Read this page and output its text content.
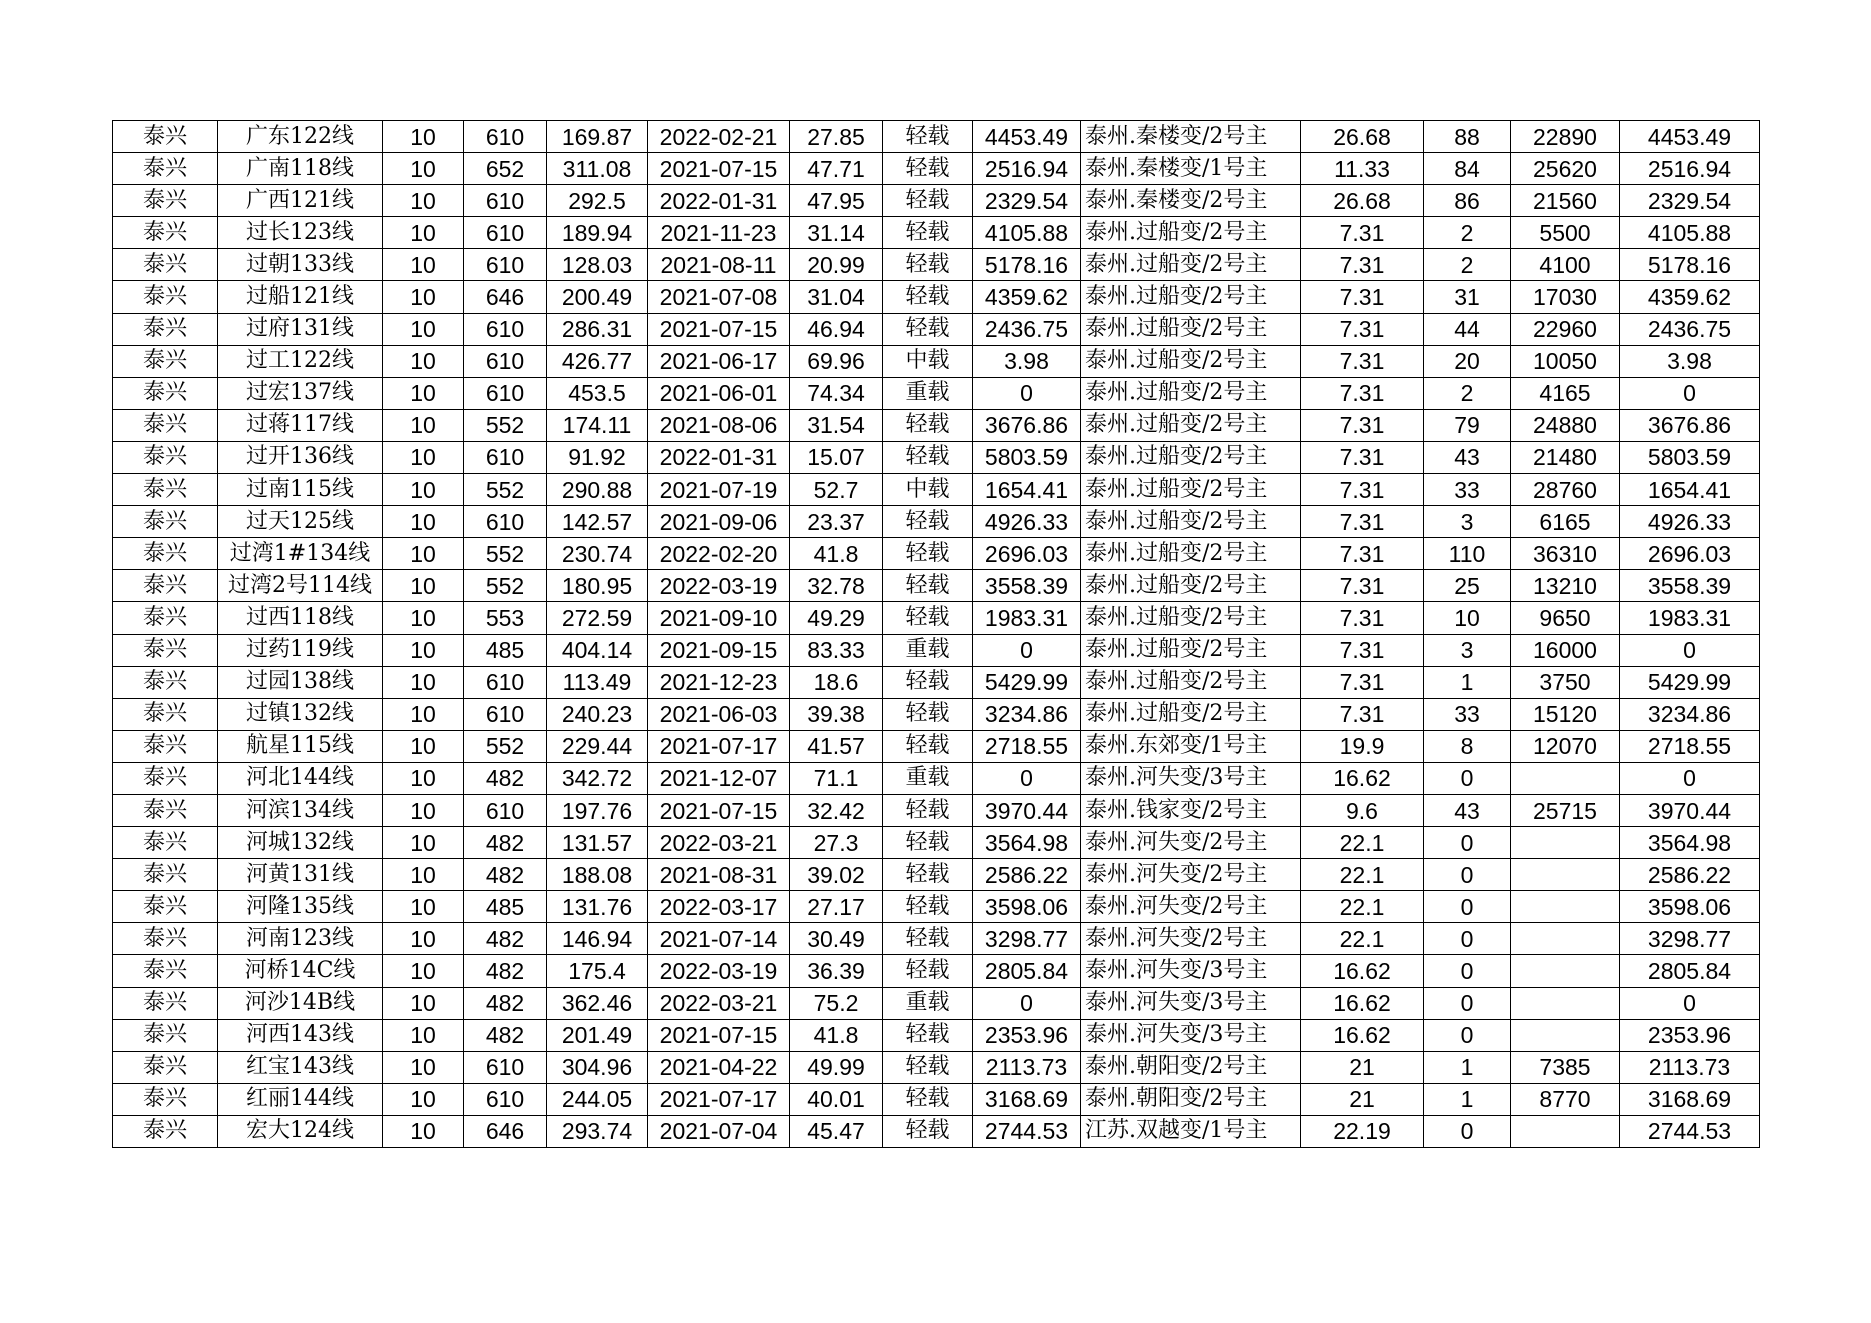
泰兴	广东122线	10	610	169.87	2022-02-21	27.85	轻载	4453.49	泰州.秦楼变/2号主	26.68	88	22890	4453.49
泰兴	广南118线	10	652	311.08	2021-07-15	47.71	轻载	2516.94	泰州.秦楼变/1号主	11.33	84	25620	2516.94
泰兴	广西121线	10	610	292.5	2022-01-31	47.95	轻载	2329.54	泰州.秦楼变/2号主	26.68	86	21560	2329.54
泰兴	过长123线	10	610	189.94	2021-11-23	31.14	轻载	4105.88	泰州.过船变/2号主	7.31	2	5500	4105.88
泰兴	过朝133线	10	610	128.03	2021-08-11	20.99	轻载	5178.16	泰州.过船变/2号主	7.31	2	4100	5178.16
泰兴	过船121线	10	646	200.49	2021-07-08	31.04	轻载	4359.62	泰州.过船变/2号主	7.31	31	17030	4359.62
泰兴	过府131线	10	610	286.31	2021-07-15	46.94	轻载	2436.75	泰州.过船变/2号主	7.31	44	22960	2436.75
泰兴	过工122线	10	610	426.77	2021-06-17	69.96	中载	3.98	泰州.过船变/2号主	7.31	20	10050	3.98
泰兴	过宏137线	10	610	453.5	2021-06-01	74.34	重载	0	泰州.过船变/2号主	7.31	2	4165	0
泰兴	过蒋117线	10	552	174.11	2021-08-06	31.54	轻载	3676.86	泰州.过船变/2号主	7.31	79	24880	3676.86
泰兴	过开136线	10	610	91.92	2022-01-31	15.07	轻载	5803.59	泰州.过船变/2号主	7.31	43	21480	5803.59
泰兴	过南115线	10	552	290.88	2021-07-19	52.7	中载	1654.41	泰州.过船变/2号主	7.31	33	28760	1654.41
泰兴	过天125线	10	610	142.57	2021-09-06	23.37	轻载	4926.33	泰州.过船变/2号主	7.31	3	6165	4926.33
泰兴	过湾1#134线	10	552	230.74	2022-02-20	41.8	轻载	2696.03	泰州.过船变/2号主	7.31	110	36310	2696.03
泰兴	过湾2号114线	10	552	180.95	2022-03-19	32.78	轻载	3558.39	泰州.过船变/2号主	7.31	25	13210	3558.39
泰兴	过西118线	10	553	272.59	2021-09-10	49.29	轻载	1983.31	泰州.过船变/2号主	7.31	10	9650	1983.31
泰兴	过药119线	10	485	404.14	2021-09-15	83.33	重载	0	泰州.过船变/2号主	7.31	3	16000	0
泰兴	过园138线	10	610	113.49	2021-12-23	18.6	轻载	5429.99	泰州.过船变/2号主	7.31	1	3750	5429.99
泰兴	过镇132线	10	610	240.23	2021-06-03	39.38	轻载	3234.86	泰州.过船变/2号主	7.31	33	15120	3234.86
泰兴	航星115线	10	552	229.44	2021-07-17	41.57	轻载	2718.55	泰州.东郊变/1号主	19.9	8	12070	2718.55
泰兴	河北144线	10	482	342.72	2021-12-07	71.1	重载	0	泰州.河失变/3号主	16.62	0		0
泰兴	河滨134线	10	610	197.76	2021-07-15	32.42	轻载	3970.44	泰州.钱家变/2号主	9.6	43	25715	3970.44
泰兴	河城132线	10	482	131.57	2022-03-21	27.3	轻载	3564.98	泰州.河失变/2号主	22.1	0		3564.98
泰兴	河黄131线	10	482	188.08	2021-08-31	39.02	轻载	2586.22	泰州.河失变/2号主	22.1	0		2586.22
泰兴	河隆135线	10	485	131.76	2022-03-17	27.17	轻载	3598.06	泰州.河失变/2号主	22.1	0		3598.06
泰兴	河南123线	10	482	146.94	2021-07-14	30.49	轻载	3298.77	泰州.河失变/2号主	22.1	0		3298.77
泰兴	河桥14C线	10	482	175.4	2022-03-19	36.39	轻载	2805.84	泰州.河失变/3号主	16.62	0		2805.84
泰兴	河沙14B线	10	482	362.46	2022-03-21	75.2	重载	0	泰州.河失变/3号主	16.62	0		0
泰兴	河西143线	10	482	201.49	2021-07-15	41.8	轻载	2353.96	泰州.河失变/3号主	16.62	0		2353.96
泰兴	红宝143线	10	610	304.96	2021-04-22	49.99	轻载	2113.73	泰州.朝阳变/2号主	21	1	7385	2113.73
泰兴	红丽144线	10	610	244.05	2021-07-17	40.01	轻载	3168.69	泰州.朝阳变/2号主	21	1	8770	3168.69
泰兴	宏大124线	10	646	293.74	2021-07-04	45.47	轻载	2744.53	江苏.双越变/1号主	22.19	0		2744.53
